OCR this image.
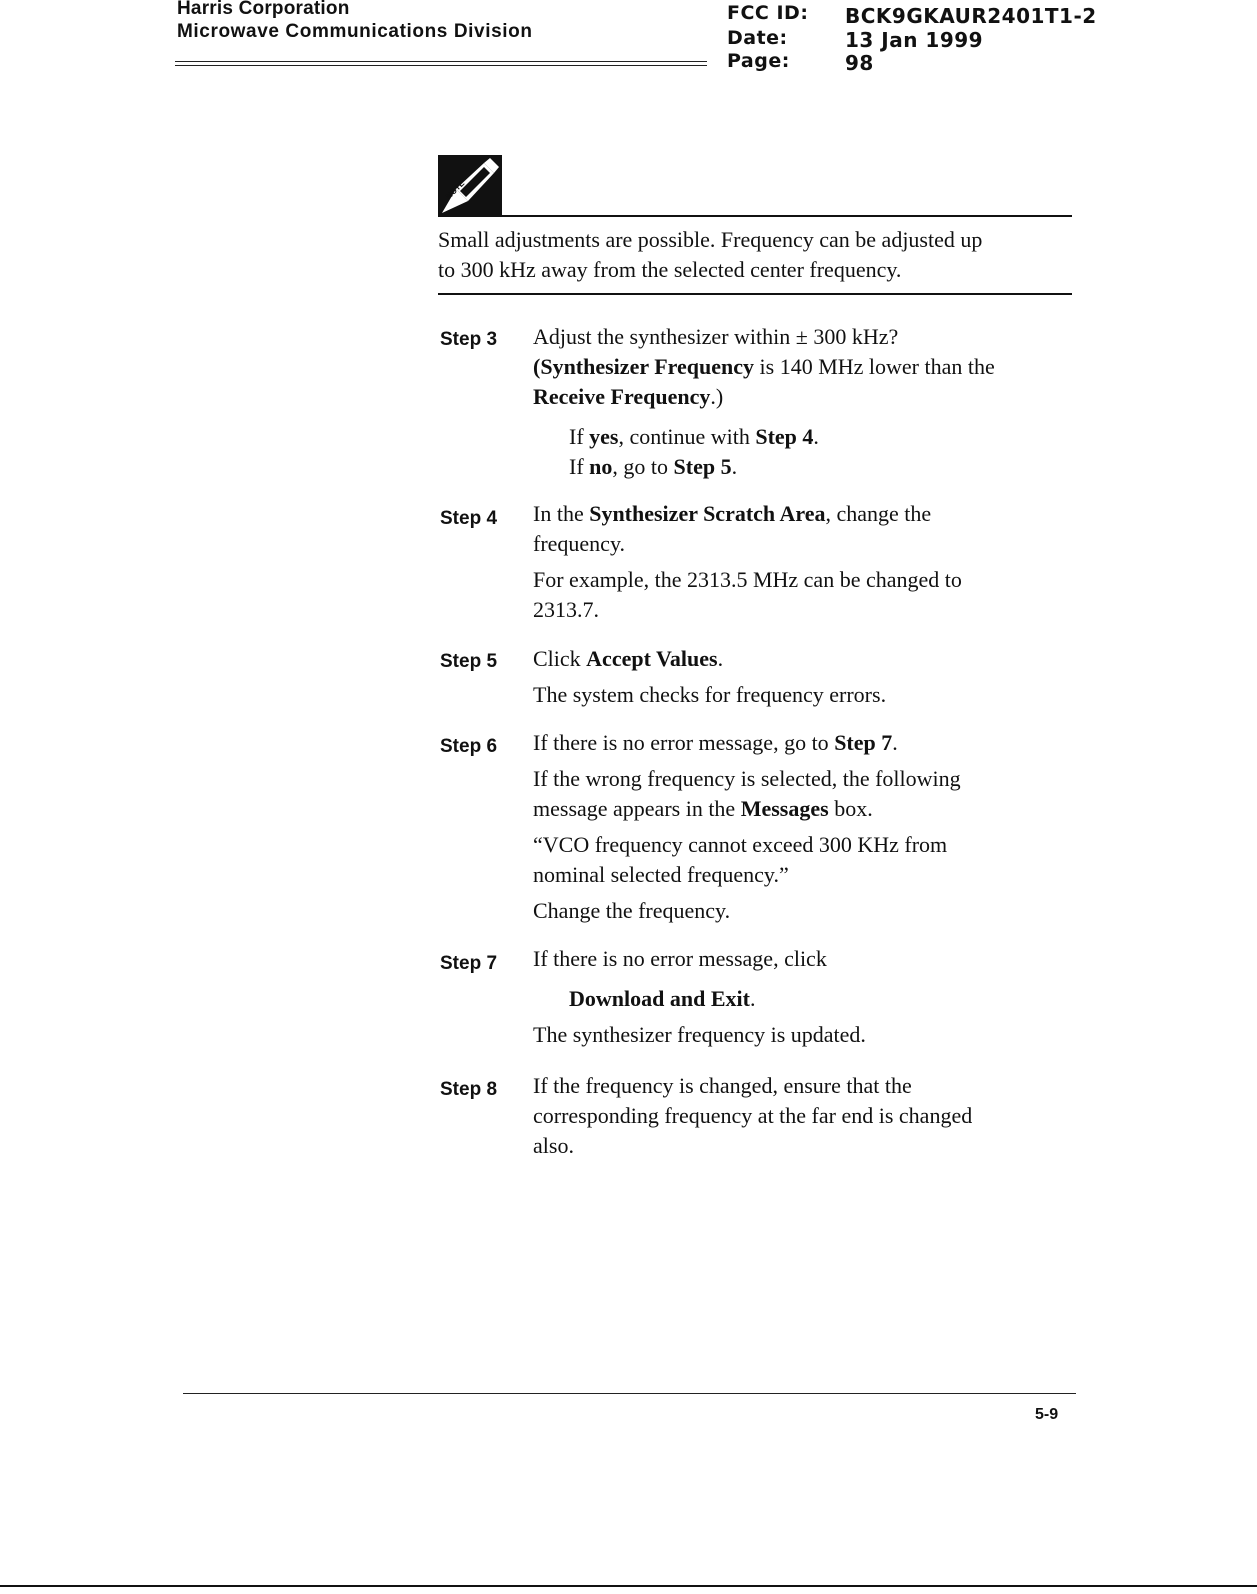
Harris Corporation
Microwave Communications Division
FCC ID: BCK9GKAUR2401T1-2
Date:	13 Jan 1999
Page:	98
NOTE
Small adjustments are possible. Frequency can be adjusted up
to 300 kHz away from the selected center frequency.
Step 3 Adjust the synthesizer within ± 300 kHz?
(Synthesizer Frequency is 140 MHz lower than the
Receive Frequency.)
If yes, continue with Step 4.
If no, go to Step 5.
Step 4 In the Synthesizer Scratch Area, change the
frequency.
For example, the 2313.5 MHz can be changed to
2313.7.
Step 5 Click Accept Values.
The system checks for frequency errors.
Step 6 If there is no error message, go to Step 7.
If the wrong frequency is selected, the following
message appears in the Messages box.
“VCO frequency cannot exceed 300 KHz from
nominal selected frequency.”
Change the frequency.
Step 7 If there is no error message, click
Download and Exit.
The synthesizer frequency is updated.
Step 8 If the frequency is changed, ensure that the
corresponding frequency at the far end is changed
also.
5-9
